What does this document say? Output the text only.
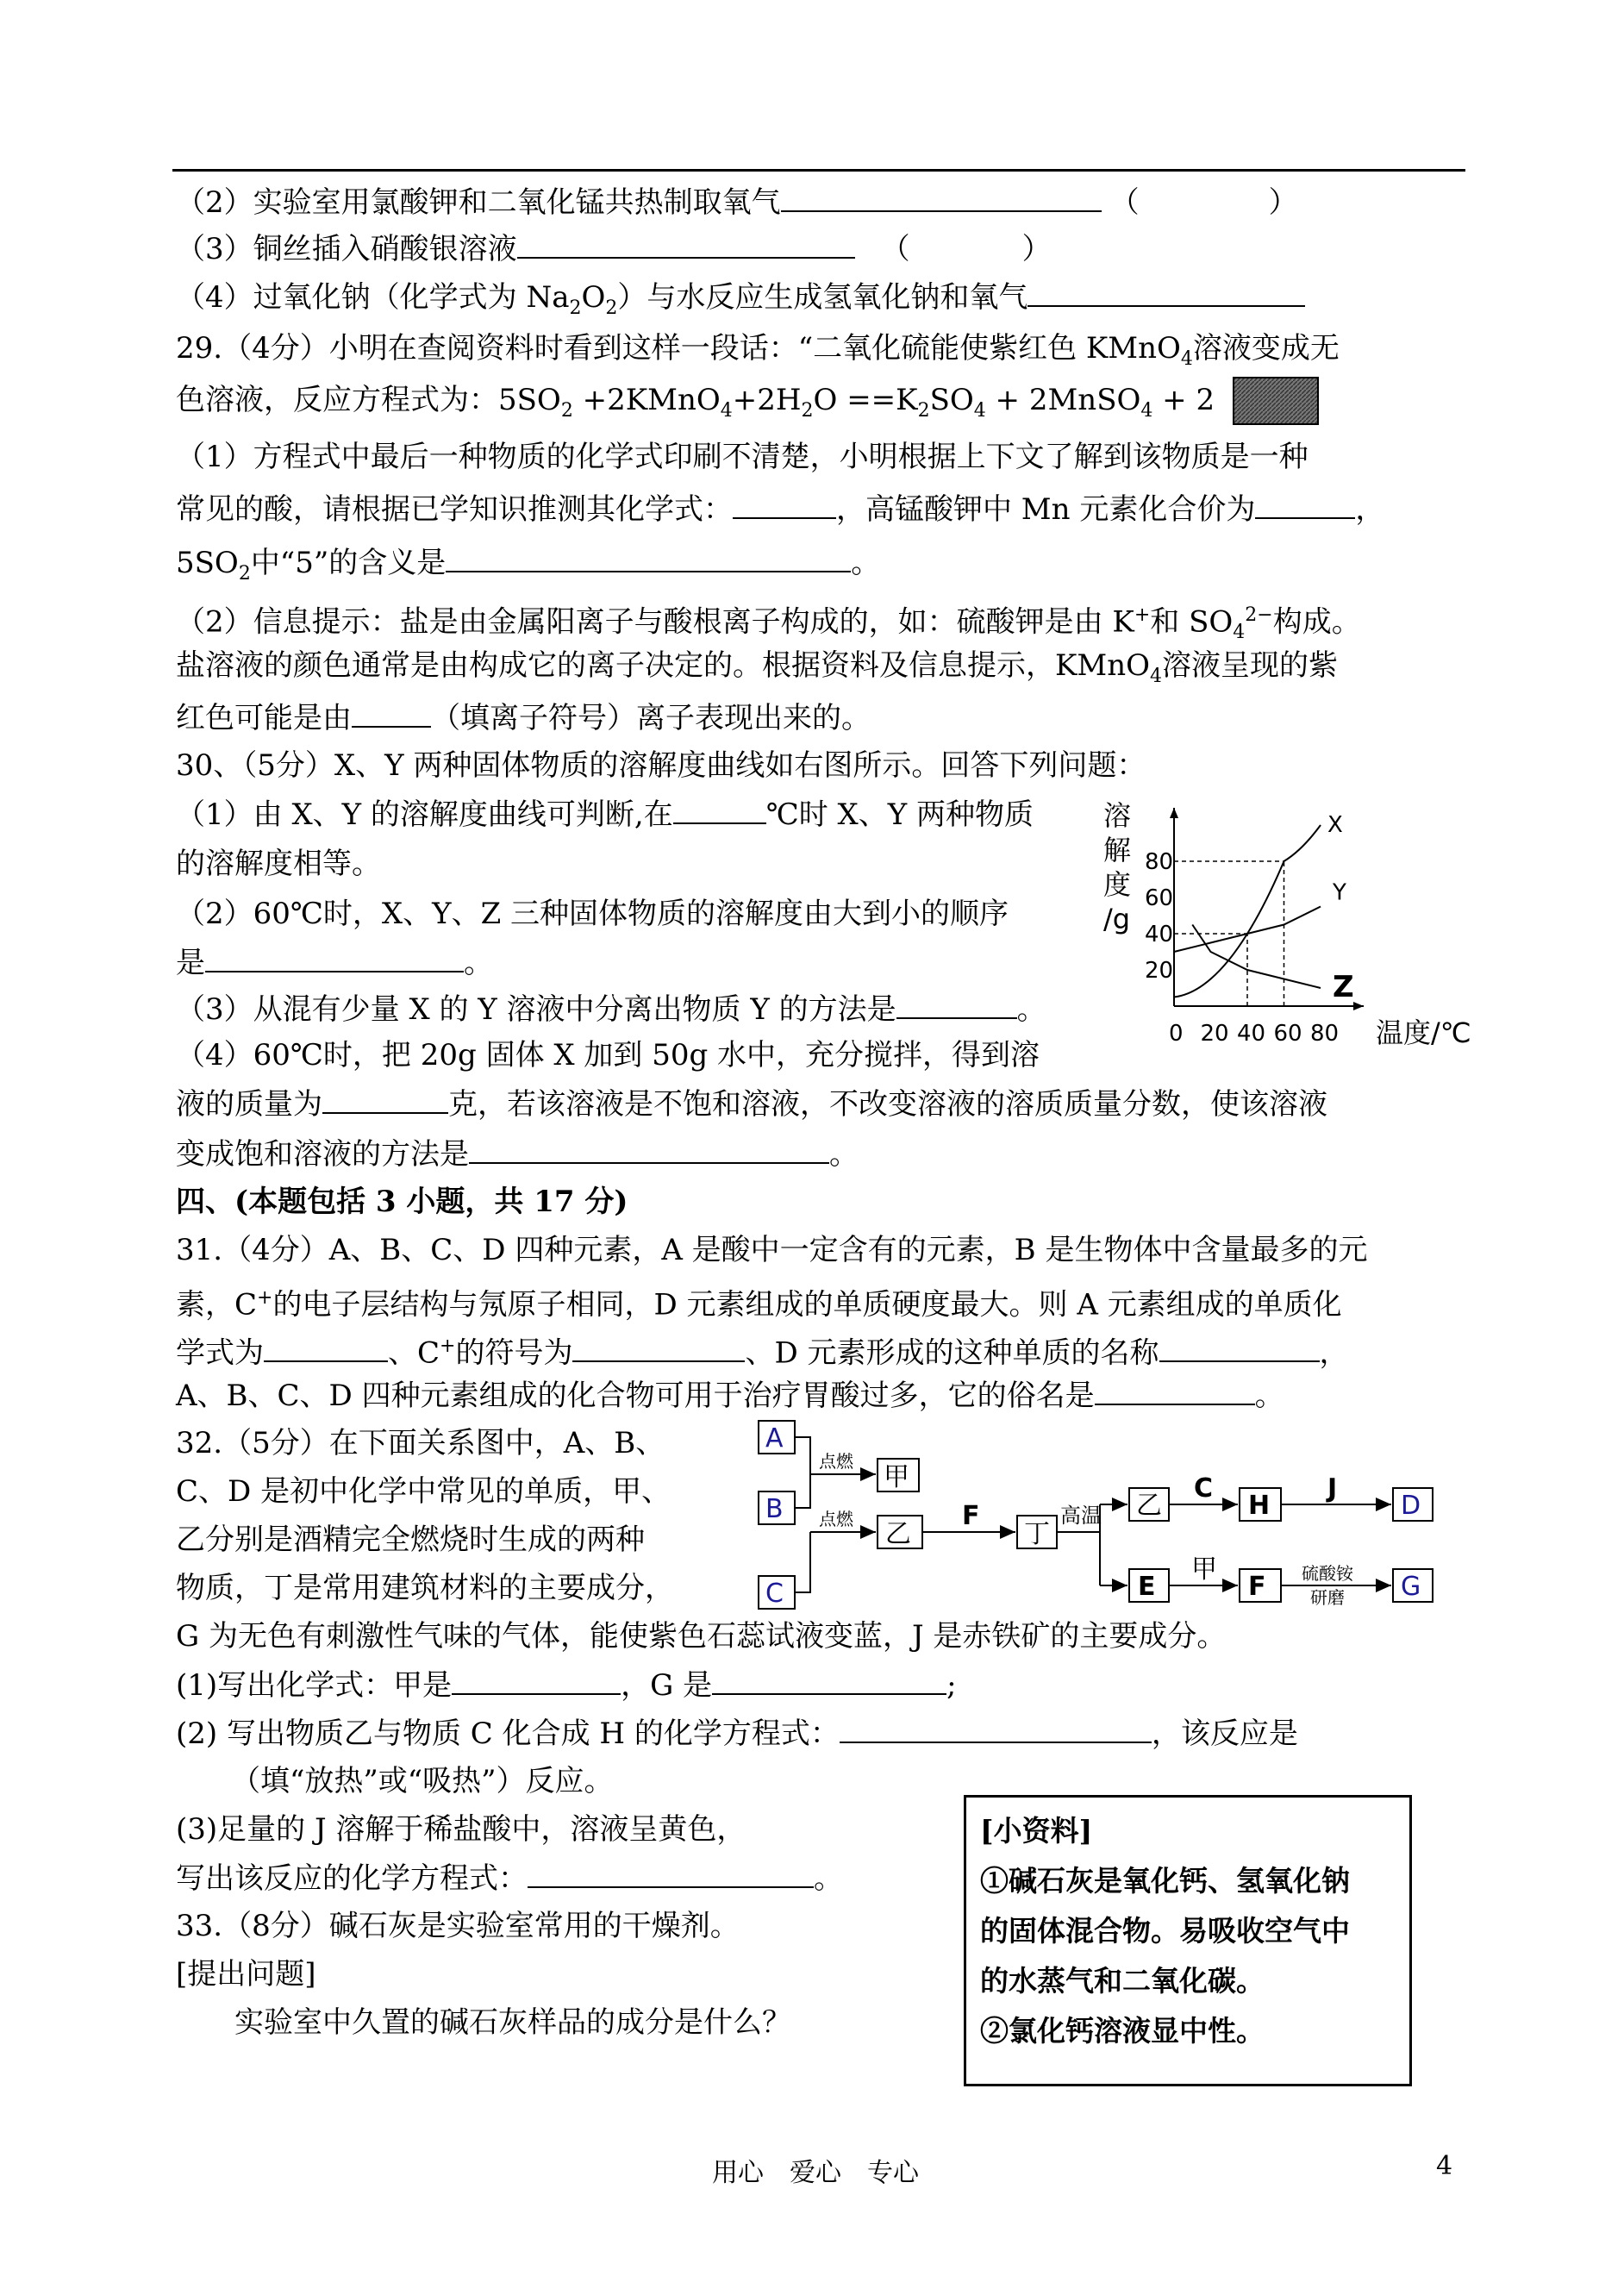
（2）实验室用氯酸钾和二氧化锰共热制取氧气	（	）
（3）铜丝插入硝酸银溶液	（	）
（4）过氧化钠（化学式为 $Na_2O_2$）与水反应生成氢氧化钠和氧气
29.（4分）小明在查阅资料时看到这样一段话：“二氧化硫能使紫红色 KMnO$_4$溶液变成无
色溶液，反应方程式为：$5SO_2$ $+2KMnO_4+2H_2O ==K_2SO_4$ + 2MnSO$_4$ + 2
（1）方程式中最后一种物质的化学式印刷不清楚，小明根据上下文了解到该物质是一种
常见的酸，请根据已学知识推测其化学式：	，高锰酸钾中 Mn 元素化合价为	，
$5SO_2$中“5”的含义是	。
（2）信息提示：盐是由金属阳离子与酸根离子构成的，如：硫酸钾是由 K+和 $SO_4^{2-}$构成。
盐溶液的颜色通常是由构成它的离子决定的。根据资料及信息提示，KMnO$_4$溶液呈现的紫
红色可能是由	（填离子符号）离子表现出来的。
30、（5分）X、Y 两种固体物质的溶解度曲线如右图所示。回答下列问题：
（1）由 X、Y 的溶解度曲线可判断,在	℃时 X、Y 两种物质
的溶解度相等。
（2）60℃时，X、Y、Z 三种固体物质的溶解度由大到小的顺序
是	。
（3）从混有少量 X 的 Y 溶液中分离出物质 Y 的方法是	。
（4）60℃时，把 20g 固体 X 加到 50g 水中，充分搅拌，得到溶
液的质量为	克，若该溶液是不饱和溶液，不改变溶液的溶质质量分数，使该溶液
变成饱和溶液的方法是	。
溶
解
度
/g
0 20 40 60 80
20
40
60
80
X
Y
Z
温度/℃
四、(本题包括 3 小题，共 17 分)
31.（4分）A、B、C、D 四种元素，A 是酸中一定含有的元素，B 是生物体中含量最多的元
素，C+的电子层结构与氖原子相同，D 元素组成的单质硬度最大。则 A 元素组成的单质化
学式为	、C+的符号为	、D 元素形成的这种单质的名称	，
A、B、C、D 四种元素组成的化合物可用于治疗胃酸过多，它的俗名是	。
32.（5分）在下面关系图中，A、B、
C、D 是初中化学中常见的单质，甲、
乙分别是酒精完全燃烧时生成的两种
物质，丁是常用建筑材料的主要成分，
G 为无色有刺激性气味的气体，能使紫色石蕊试液变蓝，J 是赤铁矿的主要成分。
(1)写出化学式：甲是	，G 是	;
(2) 写出物质乙与物质 C 化合成 H 的化学方程式：	，该反应是
（填“放热”或“吸热”）反应。
(3)足量的 J 溶解于稀盐酸中，溶液呈黄色，
写出该反应的化学方程式：	。
A
B
C
D
G
E	F
H
F
C	J
甲
乙	丁
乙
甲
点燃
点燃	高温
硫酸铵
研磨
33.（8分）碱石灰是实验室常用的干燥剂。
[提出问题]
实验室中久置的碱石灰样品的成分是什么？
[小资料]
①碱石灰是氧化钙、氢氧化钠
的固体混合物。易吸收空气中
的水蒸气和二氧化碳。
②氯化钙溶液显中性。
用心　爱心　专心	4
